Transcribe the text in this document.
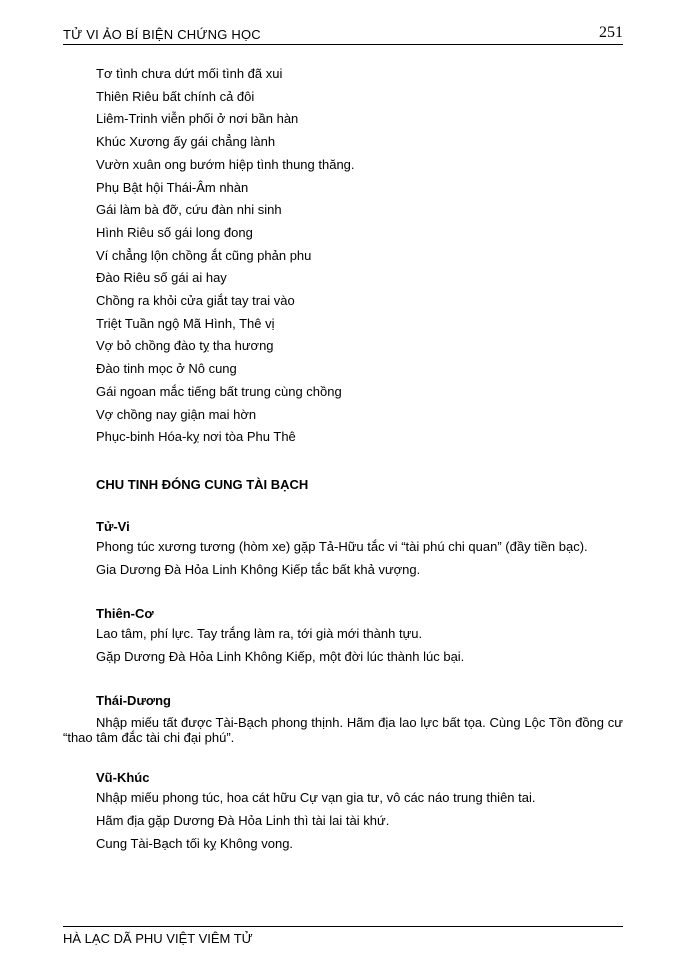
TỬ VI ẢO BÍ BIỆN CHỨNG HỌC	251
Tơ tình chưa dứt mối tình đã xui
Thiên Riêu bất chính cả đôi
Liêm-Trinh viễn phối ở nơi bần hàn
Khúc Xương ấy gái chẳng lành
Vườn xuân ong bướm hiệp tình thung thăng.
Phụ Bật hội Thái-Âm nhàn
Gái làm bà đỡ, cứu đàn nhi sinh
Hình Riêu số gái long đong
Ví chẳng lộn chồng ắt cũng phản phu
Đào Riêu số gái ai hay
Chồng ra khỏi cửa giắt tay trai vào
Triệt Tuần ngộ Mã Hình, Thê vị
Vợ bỏ chồng đào tỵ tha hương
Đào tinh mọc ở Nô cung
Gái ngoan mắc tiếng bất trung cùng chồng
Vợ chồng nay giận mai hờn
Phục-binh Hóa-kỵ nơi tòa Phu Thê
CHU TINH ĐÓNG CUNG TÀI BẠCH
Tử-Vi
Phong túc xương tương (hòm xe) gặp Tả-Hữu tắc vi “tài phú chi quan” (đầy tiền bạc).
Gia Dương Đà Hỏa Linh Không Kiếp tắc bất khả vượng.
Thiên-Cơ
Lao tâm, phí lực. Tay trắng làm ra, tới già mới thành tựu.
Gặp Dương Đà Hỏa Linh Không Kiếp, một đời lúc thành lúc bại.
Thái-Dương
Nhập miếu tất được Tài-Bạch phong thịnh. Hãm địa lao lực bất tọa. Cùng Lộc Tồn đồng cư “thao tâm đắc tài chi đại phú”.
Vũ-Khúc
Nhập miếu phong túc, hoa cát hữu Cự vạn gia tư, vô các náo trung thiên tai.
Hãm địa gặp Dương Đà Hỏa Linh thì tài lai tài khứ.
Cung Tài-Bạch tối kỵ Không vong.
HÀ LẠC DÃ PHU VIỆT VIÊM TỬ
